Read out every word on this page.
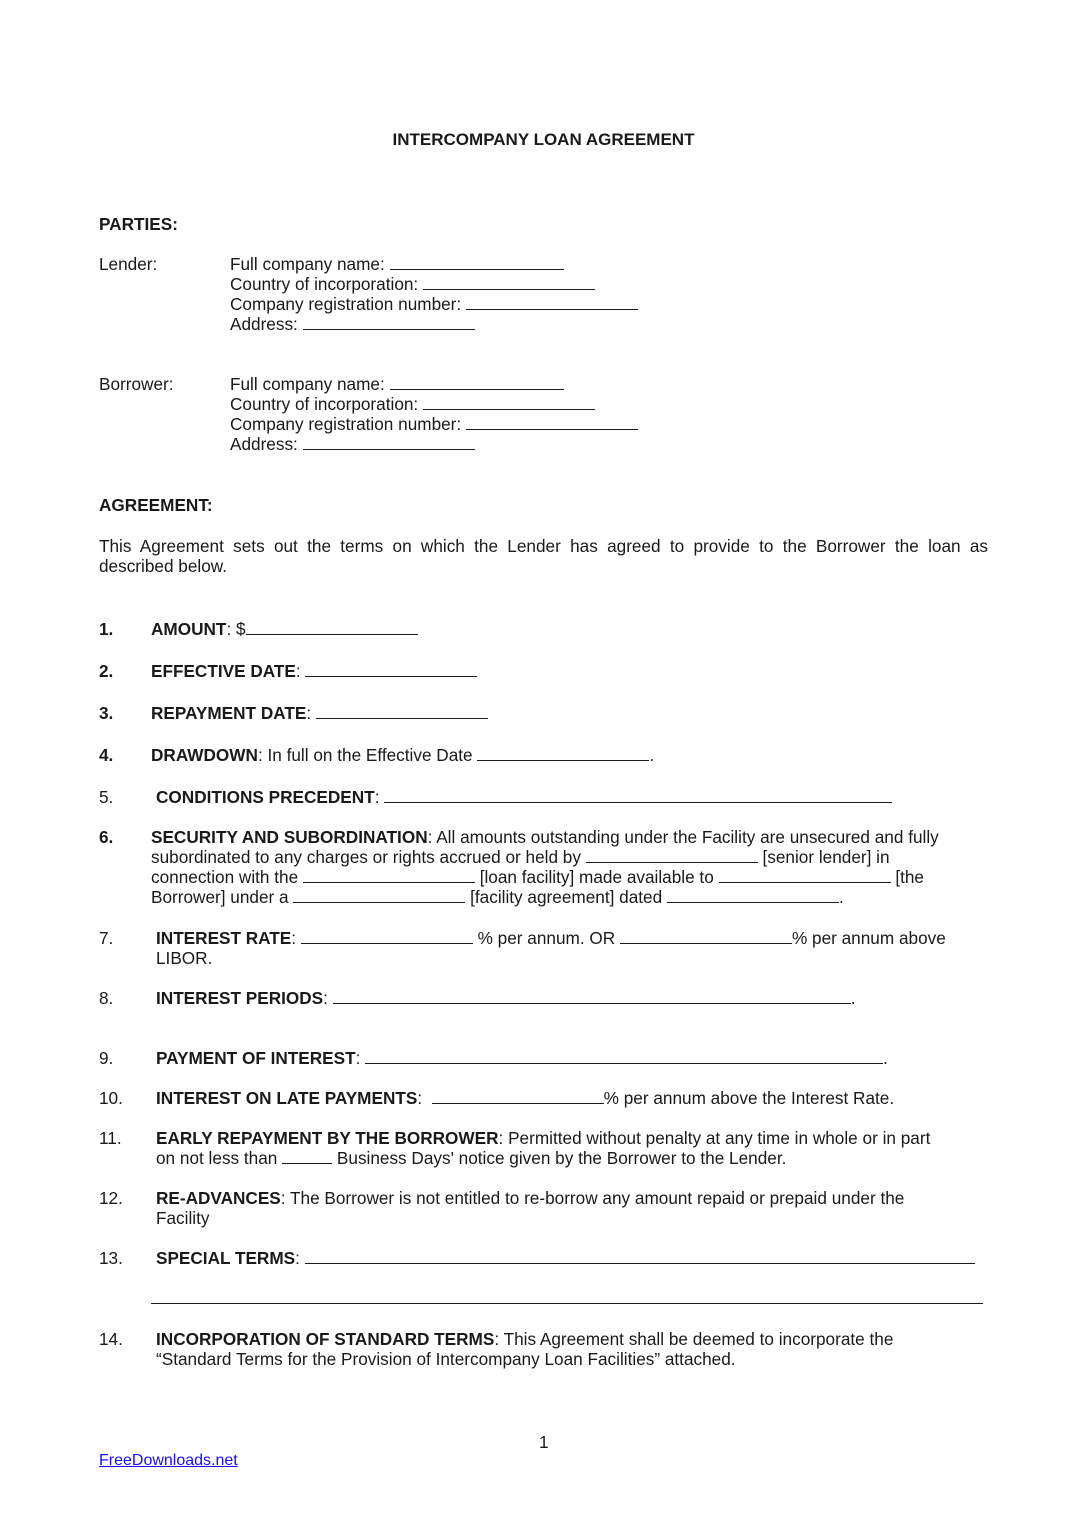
INTERCOMPANY LOAN AGREEMENT
PARTIES:
Lender:	Full company name:
Country of incorporation:
Company registration number:
Address:
Borrower:	Full company name:
Country of incorporation:
Company registration number:
Address:
AGREEMENT:
This Agreement sets out the terms on which the Lender has agreed to provide to the Borrower the loan as
described below.
1. AMOUNT: $
2. EFFECTIVE DATE:
3. REPAYMENT DATE:
4. DRAWDOWN: In full on the Effective Date	.
5. CONDITIONS PRECEDENT:
6. SECURITY AND SUBORDINATION: All amounts outstanding under the Facility are unsecured and fully
subordinated to any charges or rights accrued or held by	[senior lender] in
connection with the	[loan facility] made available to	[the
Borrower] under a	[facility agreement] dated	.
7. INTEREST RATE:	% per annum. OR	% per annum above
LIBOR.
8. INTEREST PERIODS:	.
9. PAYMENT OF INTEREST:	.
10. INTEREST ON LATE PAYMENTS:	% per annum above the Interest Rate.
11. EARLY REPAYMENT BY THE BORROWER: Permitted without penalty at any time in whole or in part
on not less than	Business Days' notice given by the Borrower to the Lender.
12. RE-ADVANCES: The Borrower is not entitled to re-borrow any amount repaid or prepaid under the
Facility
13. SPECIAL TERMS:
14. INCORPORATION OF STANDARD TERMS: This Agreement shall be deemed to incorporate the
“Standard Terms for the Provision of Intercompany Loan Facilities” attached.
1
FreeDownloads.net
